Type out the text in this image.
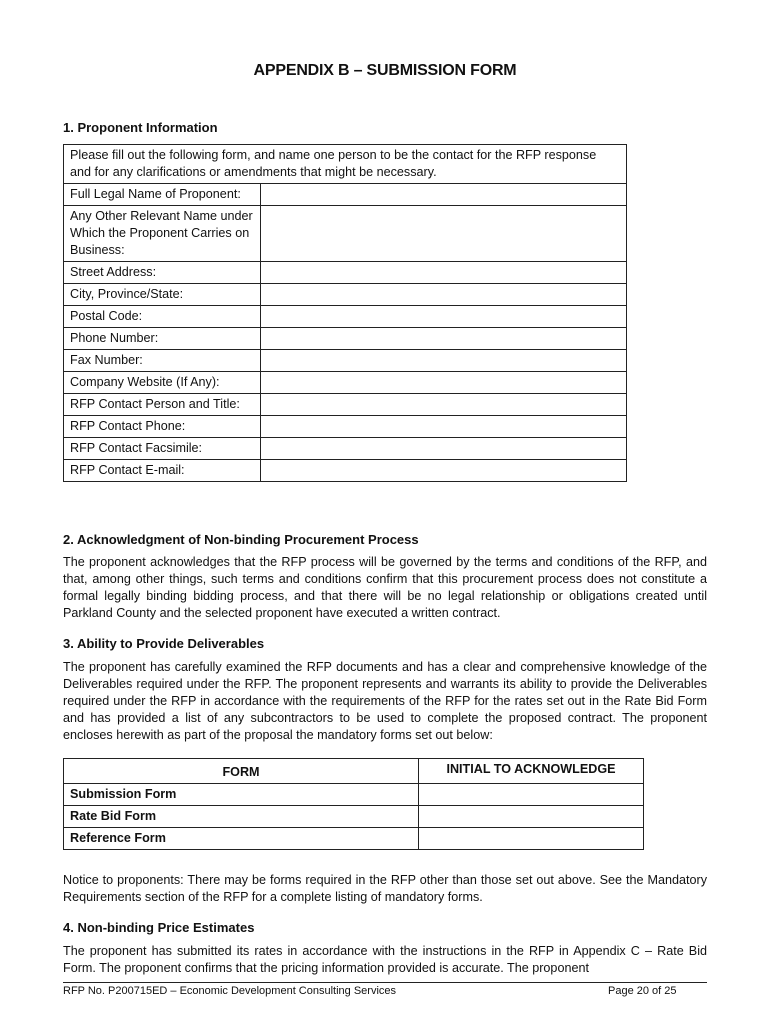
APPENDIX B – SUBMISSION FORM
1. Proponent Information
Please fill out the following form, and name one person to be the contact for the RFP response and for any clarifications or amendments that might be necessary.	
Full Legal Name of Proponent:	
Any Other Relevant Name under Which the Proponent Carries on Business:	
Street Address:	
City, Province/State:	
Postal Code:	
Phone Number:	
Fax Number:	
Company Website (If Any):	
RFP Contact Person and Title:	
RFP Contact Phone:	
RFP Contact Facsimile:	
RFP Contact E-mail:	
2. Acknowledgment of Non-binding Procurement Process

The proponent acknowledges that the RFP process will be governed by the terms and conditions of the RFP, and that, among other things, such terms and conditions confirm that this procurement process does not constitute a formal legally binding bidding process, and that there will be no legal relationship or obligations created until Parkland County and the selected proponent have executed a written contract.

3. Ability to Provide Deliverables

The proponent has carefully examined the RFP documents and has a clear and comprehensive knowledge of the Deliverables required under the RFP. The proponent represents and warrants its ability to provide the Deliverables required under the RFP in accordance with the requirements of the RFP for the rates set out in the Rate Bid Form and has provided a list of any subcontractors to be used to complete the proposed contract. The proponent encloses herewith as part of the proposal the mandatory forms set out below:

FORM	INITIAL TO ACKNOWLEDGE
Submission Form	
Rate Bid Form	
Reference Form	

Notice to proponents: There may be forms required in the RFP other than those set out above. See the Mandatory Requirements section of the RFP for a complete listing of mandatory forms.

4. Non-binding Price Estimates

The proponent has submitted its rates in accordance with the instructions in the RFP in Appendix C – Rate Bid Form. The proponent confirms that the pricing information provided is accurate. The proponent

RFP No. P200715ED – Economic Development Consulting Services	Page 20 of 25
